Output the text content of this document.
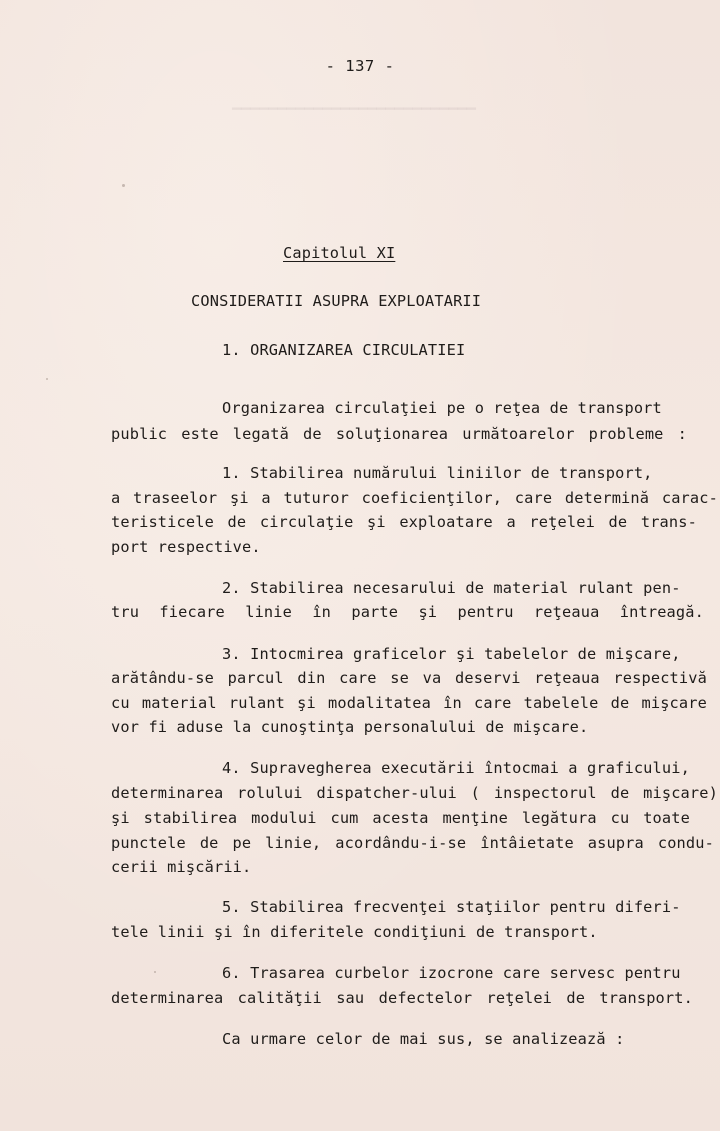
▁▁▁▁▁▁▁▁▁▁▁▁▁▁▁▁▁▁▁▁▁▁▁▁▁▁▁
- 137 -
Capitolul XI
CONSIDERATII ASUPRA EXPLOATARII
1. ORGANIZAREA CIRCULATIEI
Organizarea circulaţiei pe o reţea de transport
public este legată de soluţionarea următoarelor probleme :
1. Stabilirea numărului liniilor de transport,
a traseelor şi a tuturor coeficienţilor, care determină carac-
teristicele de circulaţie şi exploatare a reţelei de trans-
port respective.
2. Stabilirea necesarului de material rulant pen-
tru fiecare linie în parte şi pentru reţeaua întreagă.
3. Intocmirea graficelor şi tabelelor de mişcare,
arătându-se parcul din care se va deservi reţeaua respectivă
cu material rulant şi modalitatea în care tabelele de mişcare
vor fi aduse la cunoştinţa personalului de mişcare.
4. Supravegherea executării întocmai a graficului,
determinarea rolului dispatcher-ului ( inspectorul de mişcare)
şi stabilirea modului cum acesta menţine legătura cu toate
punctele de pe linie, acordându-i-se întâietate asupra condu-
cerii mişcării.
5. Stabilirea frecvenţei staţiilor pentru diferi-
tele linii şi în diferitele condiţiuni de transport.
6. Trasarea curbelor izocrone care servesc pentru
determinarea calităţii sau defectelor reţelei de transport.
Ca urmare celor de mai sus, se analizează :
